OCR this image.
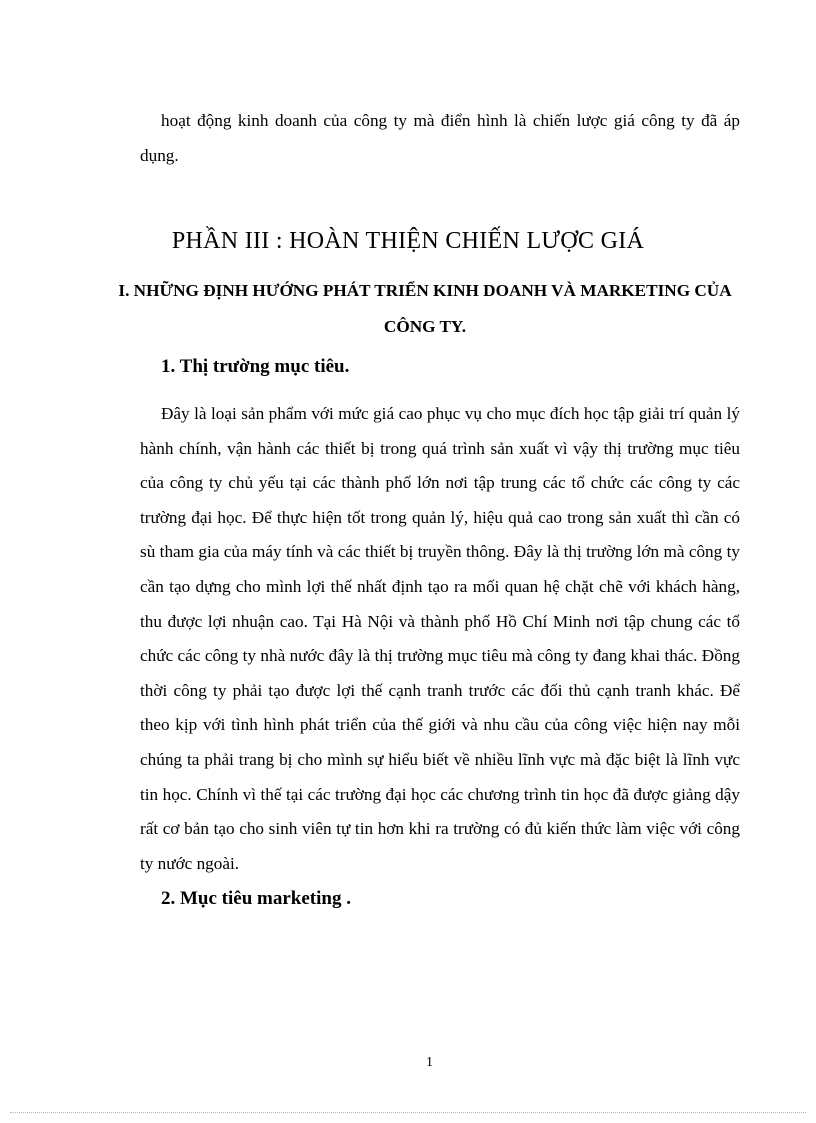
hoạt động kinh doanh của công ty mà điển hình là chiến lược giá công ty đã áp dụng.

PHẦN III : HOÀN THIỆN CHIẾN LƯỢC GIÁ
I. NHỮNG ĐỊNH HƯỚNG PHÁT TRIỂN KINH DOANH VÀ MARKETING CỦA CÔNG TY.
1. Thị trường mục tiêu.

Đây là loại sản phẩm với mức giá cao phục vụ cho mục đích học tập giải trí quản lý hành chính, vận hành các thiết bị trong quá trình sản xuất vì vậy thị trường mục tiêu của công ty chủ yếu tại các thành phố lớn nơi tập trung các tổ chức các công ty các trường đại học. Để thực hiện tốt trong quản lý, hiệu quả cao trong sản xuất thì cần có sù tham gia của máy tính và các thiết bị truyền thông. Đây là thị trường lớn mà công ty cần tạo dựng cho mình lợi thế nhất định tạo ra mối quan hệ chặt chẽ với khách hàng, thu được lợi nhuận cao. Tại Hà Nội và thành phố Hồ Chí Minh nơi tập chung các tổ chức các công ty nhà nước đây là thị trường mục tiêu mà công ty đang khai thác. Đồng thời công ty phải tạo được lợi thế cạnh tranh trước các đối thủ cạnh tranh khác. Để theo kịp với tình hình phát triển của thế giới và nhu cầu của công việc hiện nay mỗi chúng ta phải trang bị cho mình sự hiểu biết về nhiều lĩnh vực mà đặc biệt là lĩnh vực tin học. Chính vì thế tại các trường đại học các chương trình tin học đã được giảng dậy rất cơ bản tạo cho sinh viên tự tin hơn khi ra trường có đủ kiến thức làm việc với công ty nước ngoài.

2. Mục tiêu marketing .
1
